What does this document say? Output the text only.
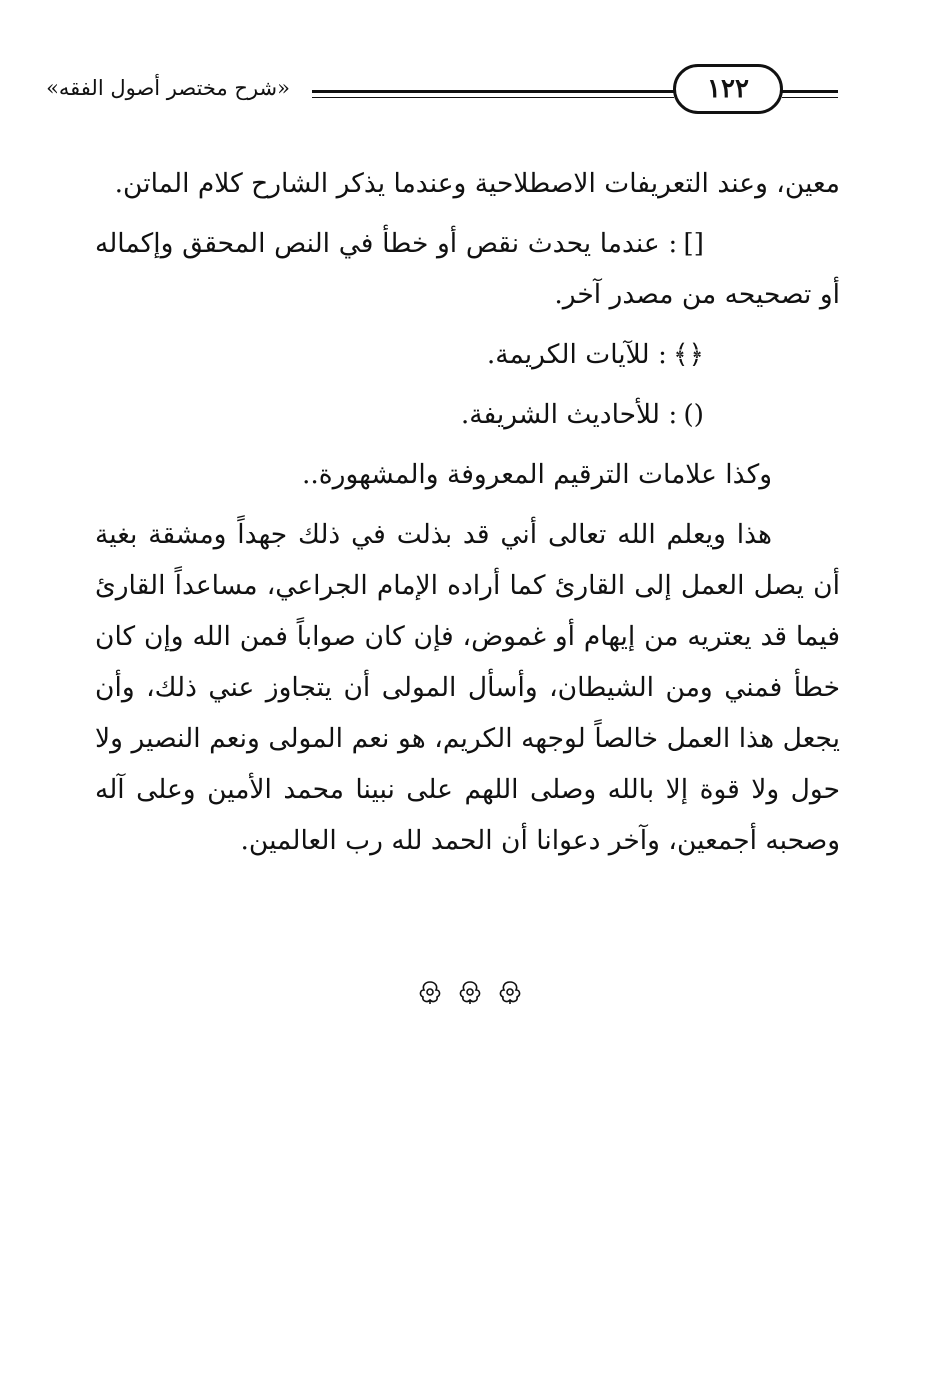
١٢٢
«شرح مختصر أصول الفقه»

معين، وعند التعريفات الاصطلاحية وعندما يذكر الشارح كلام الماتن.

[]: عندما يحدث نقص أو خطأ في النص المحقق وإكماله أو تصحيحه من مصدر آخر.

﴿﴾: للآيات الكريمة.

(): للأحاديث الشريفة.

وكذا علامات الترقيم المعروفة والمشهورة..

هذا ويعلم الله تعالى أني قد بذلت في ذلك جهداً ومشقة بغية أن يصل العمل إلى القارئ كما أراده الإمام الجراعي، مساعداً القارئ فيما قد يعتريه من إيهام أو غموض، فإن كان صواباً فمن الله وإن كان خطأ فمني ومن الشيطان، وأسأل المولى أن يتجاوز عني ذلك، وأن يجعل هذا العمل خالصاً لوجهه الكريم، هو نعم المولى ونعم النصير ولا حول ولا قوة إلا بالله وصلى اللهم على نبينا محمد الأمين وعلى آله وصحبه أجمعين، وآخر دعوانا أن الحمد لله رب العالمين.
